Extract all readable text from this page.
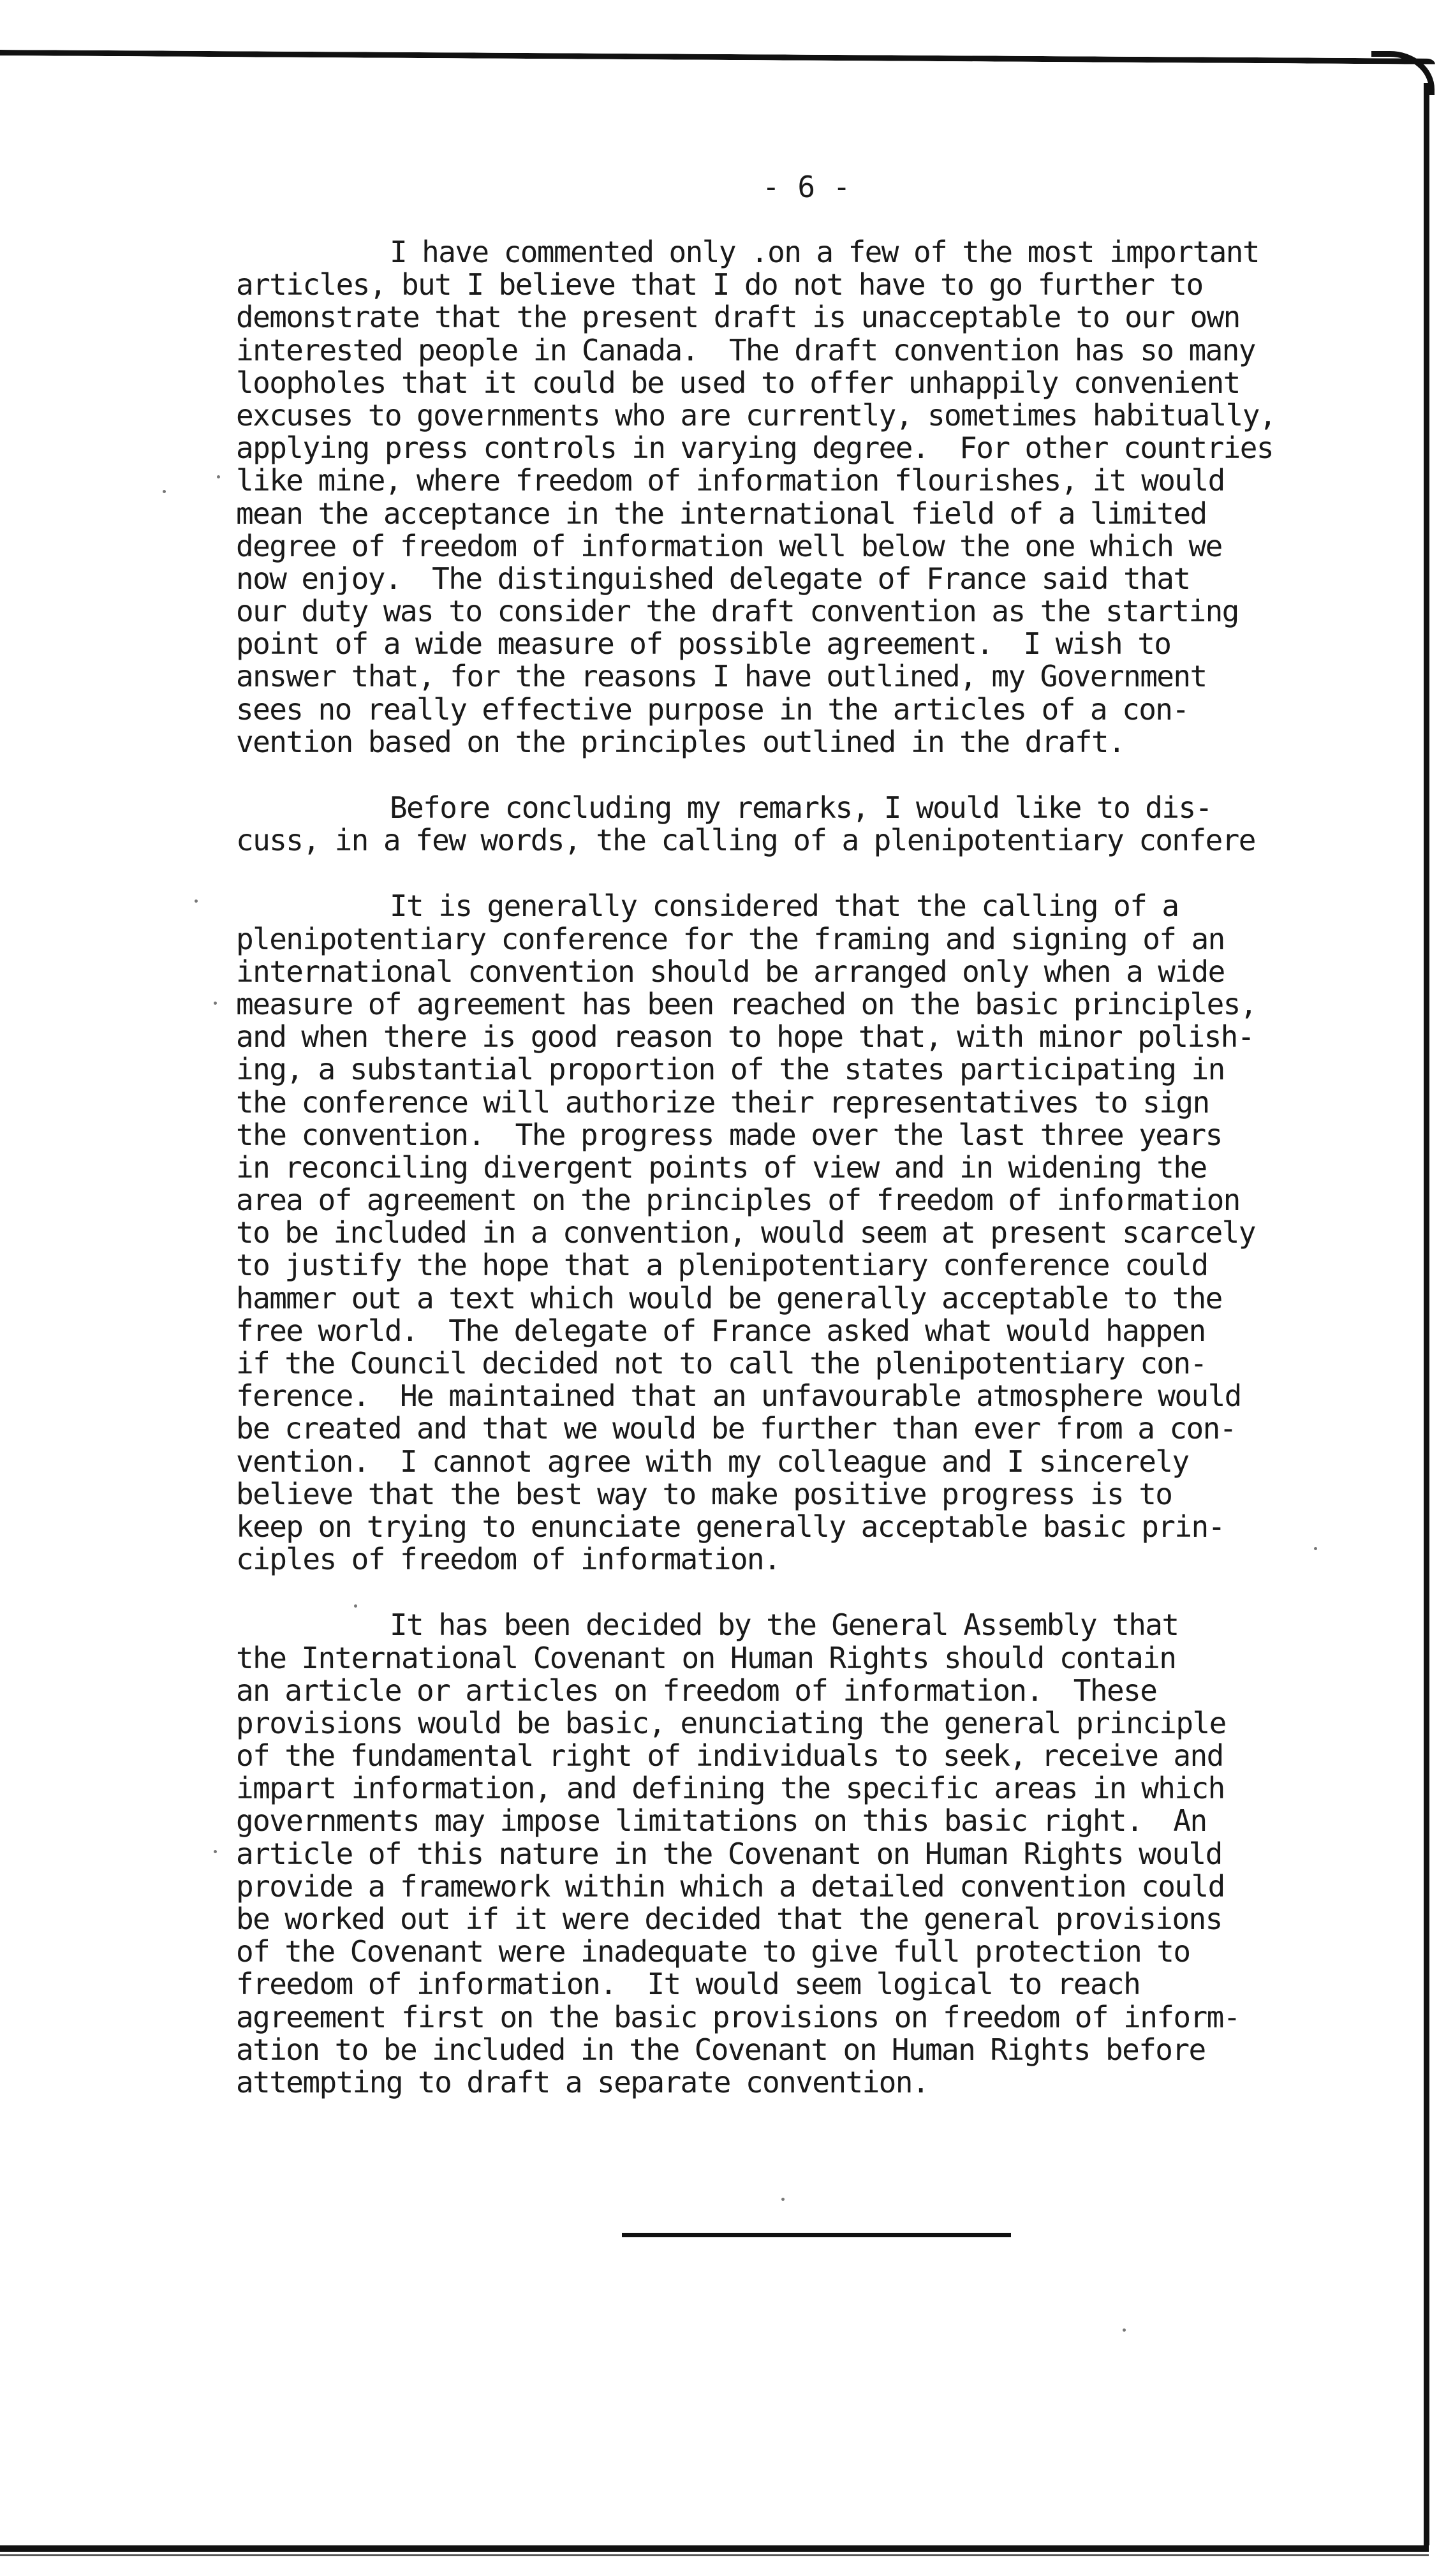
- 6 -
I have commented only .on a few of the most important
articles, but I believe that I do not have to go further to
demonstrate that the present draft is unacceptable to our own
interested people in Canada.  The draft convention has so many
loopholes that it could be used to offer unhappily convenient
excuses to governments who are currently, sometimes habitually,
applying press controls in varying degree.  For other countries
like mine, where freedom of information flourishes, it would
mean the acceptance in the international field of a limited
degree of freedom of information well below the one which we
now enjoy.  The distinguished delegate of France said that
our duty was to consider the draft convention as the starting
point of a wide measure of possible agreement.  I wish to
answer that, for the reasons I have outlined, my Government
sees no really effective purpose in the articles of a con-
vention based on the principles outlined in the draft.
Before concluding my remarks, I would like to dis-
cuss, in a few words, the calling of a plenipotentiary confere
It is generally considered that the calling of a
plenipotentiary conference for the framing and signing of an
international convention should be arranged only when a wide
measure of agreement has been reached on the basic principles,
and when there is good reason to hope that, with minor polish-
ing, a substantial proportion of the states participating in
the conference will authorize their representatives to sign
the convention.  The progress made over the last three years
in reconciling divergent points of view and in widening the
area of agreement on the principles of freedom of information
to be included in a convention, would seem at present scarcely
to justify the hope that a plenipotentiary conference could
hammer out a text which would be generally acceptable to the
free world.  The delegate of France asked what would happen
if the Council decided not to call the plenipotentiary con-
ference.  He maintained that an unfavourable atmosphere would
be created and that we would be further than ever from a con-
vention.  I cannot agree with my colleague and I sincerely
believe that the best way to make positive progress is to
keep on trying to enunciate generally acceptable basic prin-
ciples of freedom of information.
It has been decided by the General Assembly that
the International Covenant on Human Rights should contain
an article or articles on freedom of information.  These
provisions would be basic, enunciating the general principle
of the fundamental right of individuals to seek, receive and
impart information, and defining the specific areas in which
governments may impose limitations on this basic right.  An
article of this nature in the Covenant on Human Rights would
provide a framework within which a detailed convention could
be worked out if it were decided that the general provisions
of the Covenant were inadequate to give full protection to
freedom of information.  It would seem logical to reach
agreement first on the basic provisions on freedom of inform-
ation to be included in the Covenant on Human Rights before
attempting to draft a separate convention.
